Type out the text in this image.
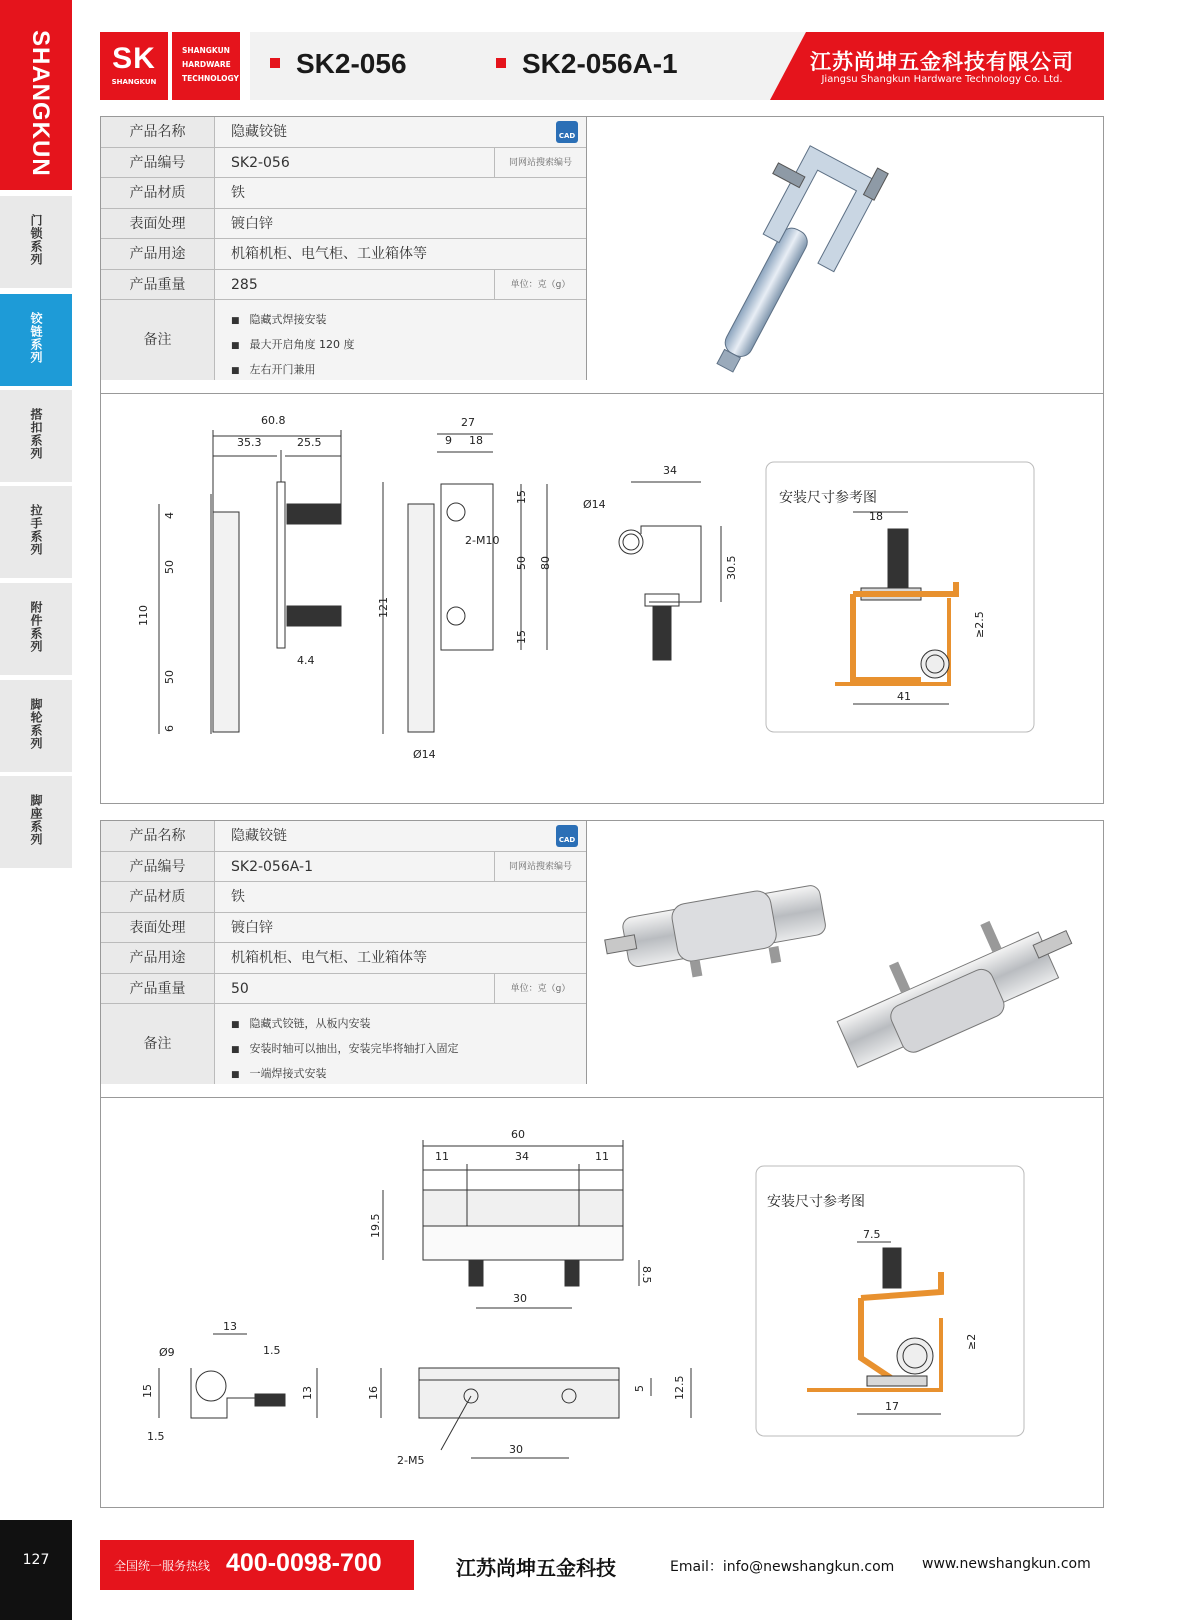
SHANGKUN
门锁系列
铰链系列
搭扣系列
拉手系列
附件系列
脚轮系列
脚座系列
127
SK
SHANGKUN
SHANGKUN
HARDWARE
TECHNOLOGY	SK2-056	SK2-056A-1	江苏尚坤五金科技有限公司
Jiangsu Shangkun Hardware Technology Co. Ltd.
产品名称	隐藏铰链	CAD
产品编号	SK2-056	同网站搜索编号
产品材质	铁
表面处理	镀白锌
产品用途	机箱机柜、电气柜、工业箱体等
产品重量	285	单位：克（g）
备注
■ 隐藏式焊接安装
■ 最大开启角度 120 度
■ 左右开门兼用
60.8
35.3	25.5
110
50
50
4
6
4.4
27
9 18
121
80
50
15
15
2-M10
Ø14
Ø14
34
30.5
安装尺寸参考图
18
41
≥2.5
产品名称	隐藏铰链	CAD
产品编号	SK2-056A-1	同网站搜索编号
产品材质	铁
表面处理	镀白锌
产品用途	机箱机柜、电气柜、工业箱体等
产品重量	50	单位：克（g）
备注
■ 隐藏式铰链，从板内安装
■ 安装时轴可以抽出，安装完毕将轴打入固定
■ 一端焊接式安装
60
11	34	11
19.5
8.5
30
13
1.5
Ø9
15	13
1.5
16	5 12.5
30
2-M5
安装尺寸参考图
7.5
17
≥2
全国统一服务热线 400-0098-700	江苏尚坤五金科技	Email：info@newshangkun.com www.newshangkun.com
